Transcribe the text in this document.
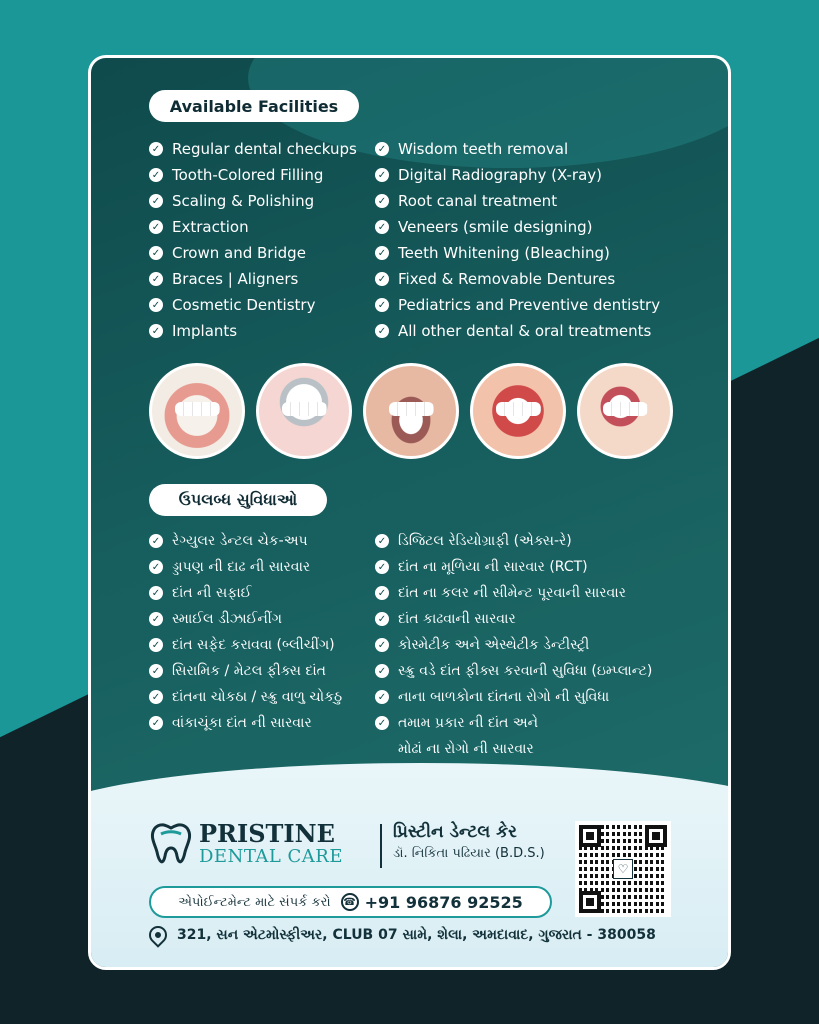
Available Facilities
✓ Regular dental checkups
✓ Tooth-Colored Filling
✓ Scaling & Polishing
✓ Extraction
✓ Crown and Bridge
✓ Braces | Aligners
✓ Cosmetic Dentistry
✓ Implants
✓ Wisdom teeth removal
✓ Digital Radiography (X-ray)
✓ Root canal treatment
✓ Veneers (smile designing)
✓ Teeth Whitening (Bleaching)
✓ Fixed & Removable Dentures
✓ Pediatrics and Preventive dentistry
✓ All other dental & oral treatments
ઉપલબ્ધ સુવિધાઓ
✓ રેગ્યુલર ડેન્ટલ ચેક-અપ
✓ ડ્ડાપણ ની દાઢ ની સારવાર
✓ દાંત ની સફાઈ
✓ સ્માઈલ ડીઝાઈનીંગ
✓ દાંત સફેદ કરાવવા (બ્લીચીંગ)
✓ સિરામિક / મેટલ ફીક્સ દાંત
✓ દાંતના ચોકઠા / સ્ક્રુ વાળુ ચોકઠુ
✓ વાંકાચૂંકા દાંત ની સારવાર
✓ ડિજિટલ રેડિયોગ્રાફી (એક્સ-રે)
✓ દાંત ના મૂળિયા ની સારવાર (RCT)
✓ દાંત ના કલર ની સીમેન્ટ પૂરવાની સારવાર
✓ દાંત કાઢવાની સારવાર
✓ કોસ્મેટીક અને એસ્થેટીક ડેન્ટીસ્ટ્રી
✓ સ્ક્રુ વડે દાંત ફીક્સ કરવાની સુવિધા (ઇમ્પ્લાન્ટ)
✓ નાના બાળકોના દાંતના રોગો ની સુવિધા
✓ તમામ પ્રકાર ની દાંત અને
મોઢાં ના રોગો ની સારવાર
PRISTINE
DENTAL CARE
પ્રિસ્ટીન ડેન્ટલ કેર
ડૉ. નિકિતા પઢિયાર (B.D.S.)
♡
એપોઈન્ટમેન્ટ માટે સંપર્ક કરો ☎ +91 96876 92525
321, સન એટમોસ્ફીઅર, CLUB 07 સામે, શેલા, અમદાવાદ, ગુજરાત - 380058
